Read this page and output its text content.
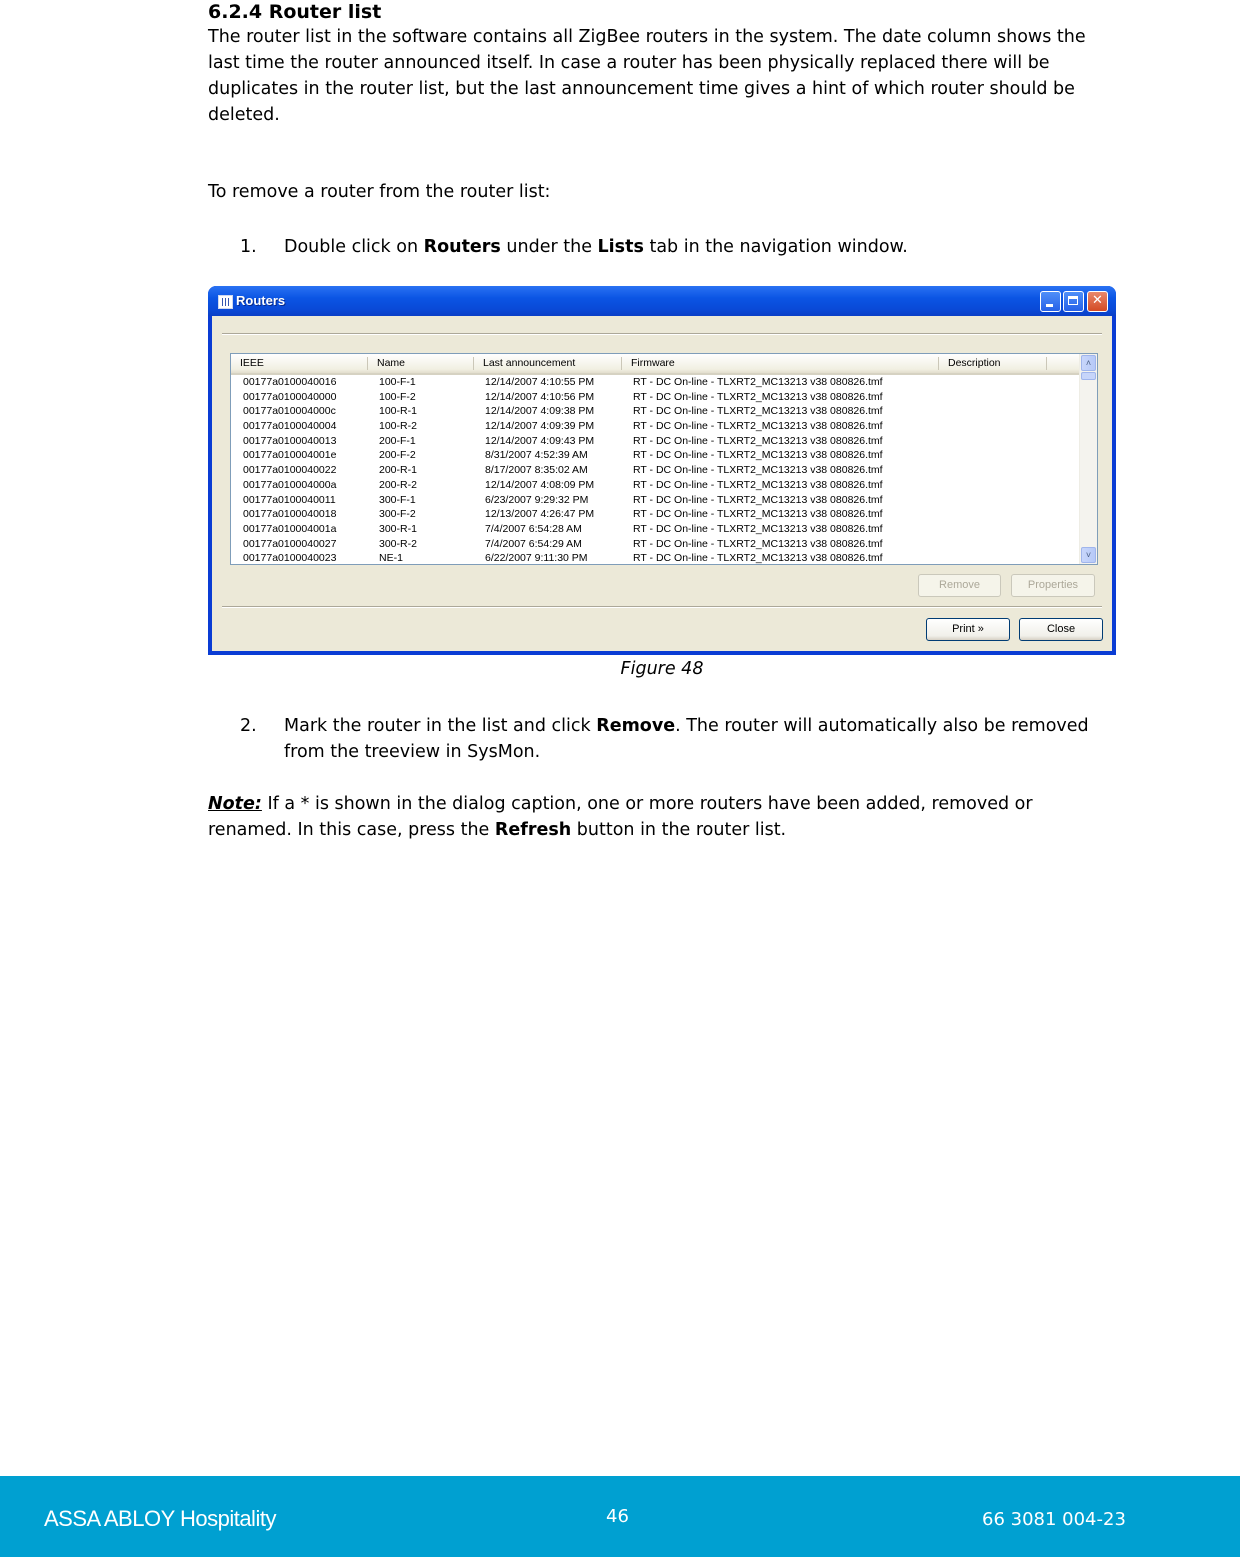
6.2.4 Router list
The router list in the software contains all ZigBee routers in the system. The date column shows the last time the router announced itself. In case a router has been physically replaced there will be duplicates in the router list, but the last announcement time gives a hint of which router should be deleted.
To remove a router from the router list:
1.	Double click on Routers under the Lists tab in the navigation window.
Routers
✕
IEEE	Name	Last announcement	Firmware	Description
00177a0100040016	100-F-1	12/14/2007 4:10:55 PM	RT - DC On-line - TLXRT2_MC13213 v38 080826.tmf
00177a0100040000	100-F-2	12/14/2007 4:10:56 PM	RT - DC On-line - TLXRT2_MC13213 v38 080826.tmf
00177a010004000c	100-R-1	12/14/2007 4:09:38 PM	RT - DC On-line - TLXRT2_MC13213 v38 080826.tmf
00177a0100040004	100-R-2	12/14/2007 4:09:39 PM	RT - DC On-line - TLXRT2_MC13213 v38 080826.tmf
00177a0100040013	200-F-1	12/14/2007 4:09:43 PM	RT - DC On-line - TLXRT2_MC13213 v38 080826.tmf
00177a010004001e	200-F-2	8/31/2007 4:52:39 AM	RT - DC On-line - TLXRT2_MC13213 v38 080826.tmf
00177a0100040022	200-R-1	8/17/2007 8:35:02 AM	RT - DC On-line - TLXRT2_MC13213 v38 080826.tmf
00177a010004000a	200-R-2	12/14/2007 4:08:09 PM	RT - DC On-line - TLXRT2_MC13213 v38 080826.tmf
00177a0100040011	300-F-1	6/23/2007 9:29:32 PM	RT - DC On-line - TLXRT2_MC13213 v38 080826.tmf
00177a0100040018	300-F-2	12/13/2007 4:26:47 PM	RT - DC On-line - TLXRT2_MC13213 v38 080826.tmf
00177a010004001a	300-R-1	7/4/2007 6:54:28 AM	RT - DC On-line - TLXRT2_MC13213 v38 080826.tmf
00177a0100040027	300-R-2	7/4/2007 6:54:29 AM	RT - DC On-line - TLXRT2_MC13213 v38 080826.tmf
00177a0100040023	NE-1	6/22/2007 9:11:30 PM	RT - DC On-line - TLXRT2_MC13213 v38 080826.tmf
˄
˅
Remove	Properties
Print »	Close
Figure 48
2.	Mark the router in the list and click Remove. The router will automatically also be removed from the treeview in SysMon.
Note: If a * is shown in the dialog caption, one or more routers have been added, removed or renamed. In this case, press the Refresh button in the router list.
ASSA ABLOY Hospitality	46	66 3081 004-23
